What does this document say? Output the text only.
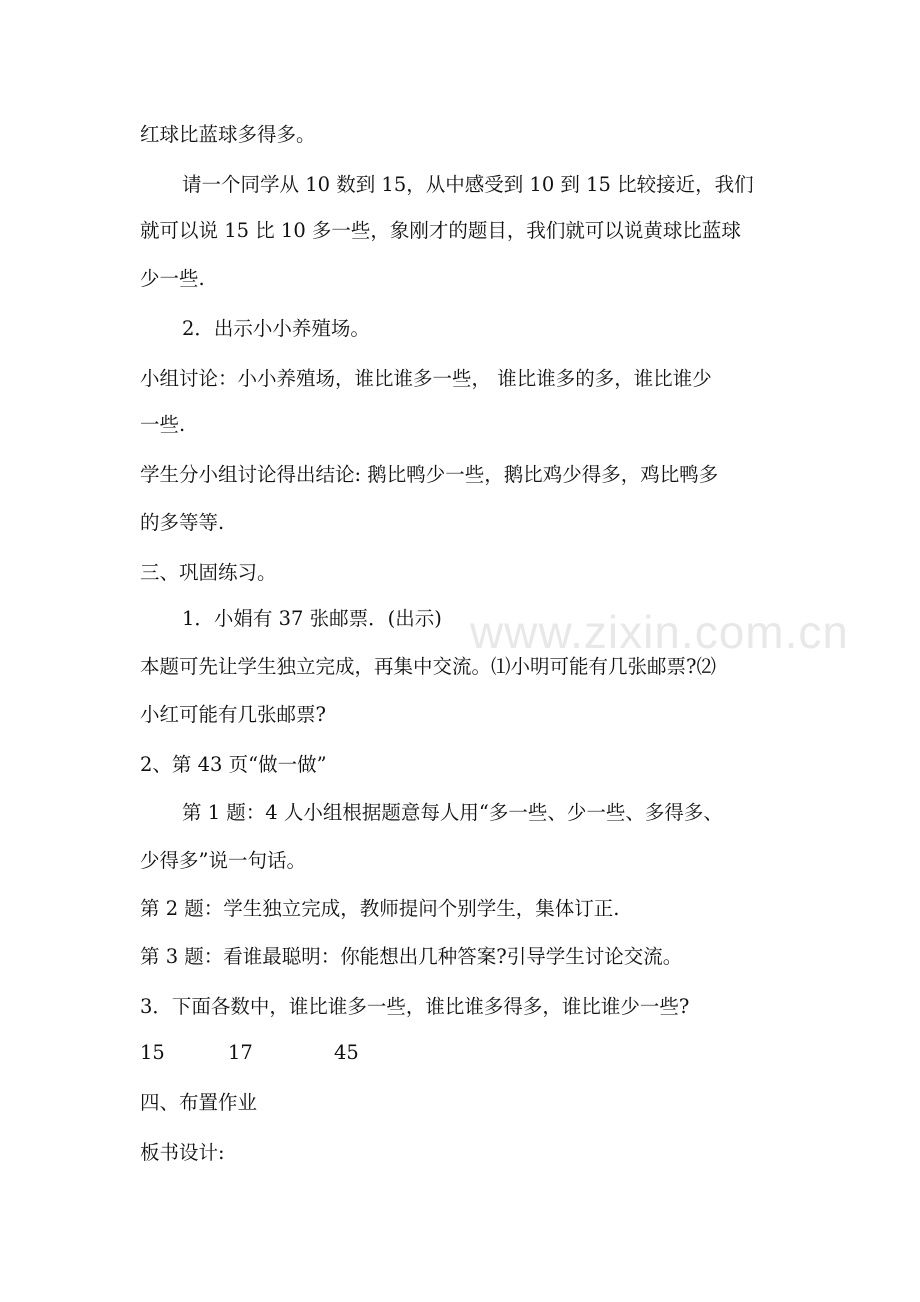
www.zixin.com.cn
红球比蓝球多得多。
请一个同学从 10 数到 15，从中感受到 10 到 15 比较接近，我们
就可以说 15 比 10 多一些，象刚才的题目，我们就可以说黄球比蓝球
少一些.
2．出示小小养殖场。
小组讨论：小小养殖场，谁比谁多一些， 谁比谁多的多，谁比谁少
一些.
学生分小组讨论得出结论: 鹅比鸭少一些，鹅比鸡少得多，鸡比鸭多
的多等等.
三、巩固练习。
1．小娟有 37 张邮票．(出示)
本题可先让学生独立完成，再集中交流。⑴小明可能有几张邮票?⑵
小红可能有几张邮票?
2、第 43 页“做一做”
第 1 题：4 人小组根据题意每人用“多一些、少一些、多得多、
少得多”说一句话。
第 2 题：学生独立完成，教师提问个别学生，集体订正.
第 3 题：看谁最聪明：你能想出几种答案?引导学生讨论交流。
3．下面各数中，谁比谁多一些，谁比谁多得多，谁比谁少一些?
15	17	45
四、布置作业
板书设计:
